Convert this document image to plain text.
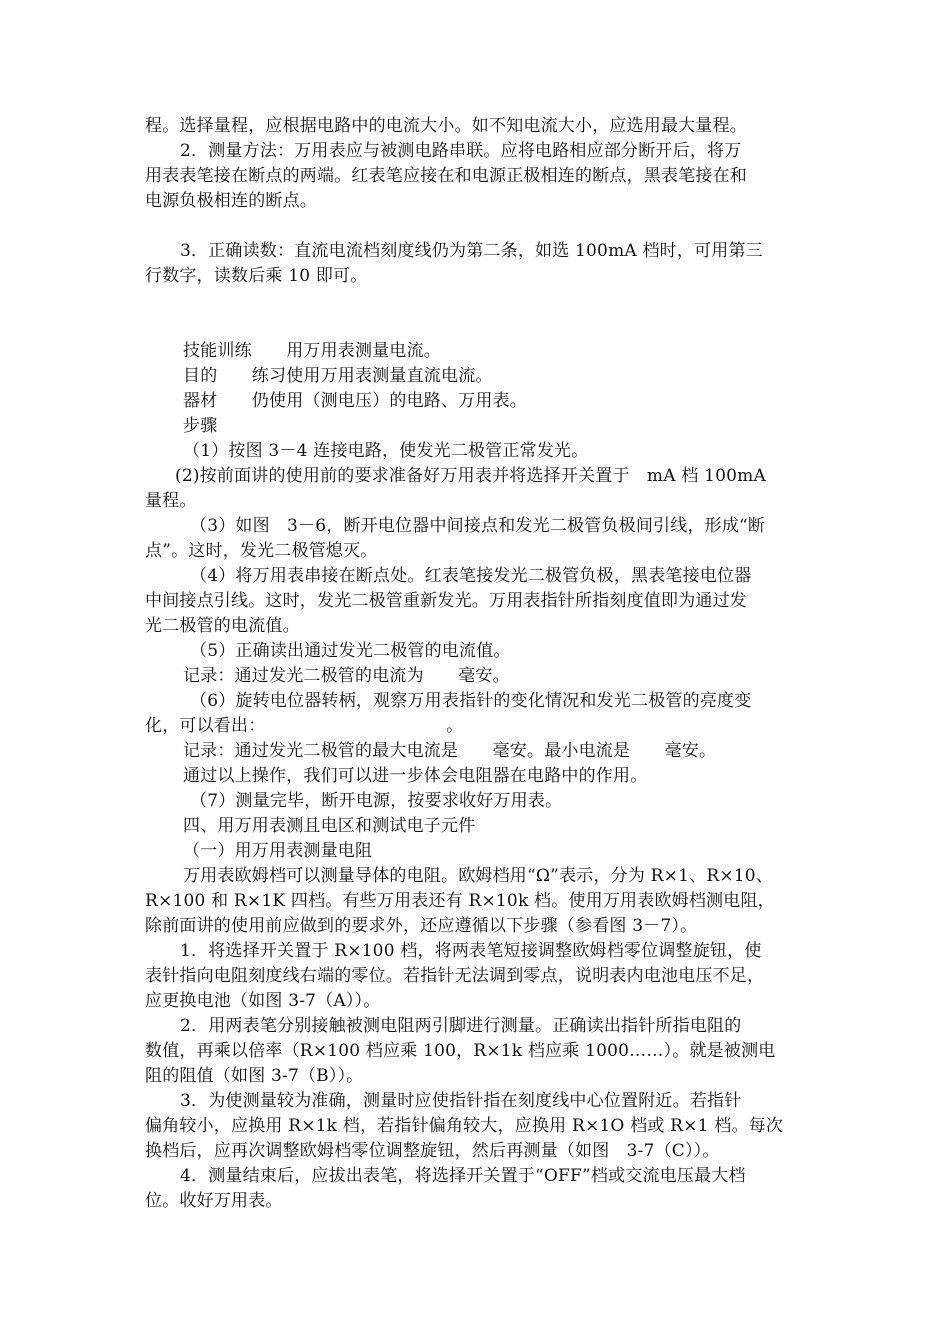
程。选择量程，应根据电路中的电流大小。如不知电流大小，应选用最大量程。
2．测量方法：万用表应与被测电路串联。应将电路相应部分断开后，将万
用表表笔接在断点的两端。红表笔应接在和电源正极相连的断点，黑表笔接在和
电源负极相连的断点。
3．正确读数：直流电流档刻度线仍为第二条，如选 100mA 档时，可用第三
行数字，读数后乘 10 即可。
技能训练　　用万用表测量电流。
目的　　练习使用万用表测量直流电流。
器材　　仍使用（测电压）的电路、万用表。
步骤
（1）按图 3－4 连接电路，使发光二极管正常发光。
(2)按前面讲的使用前的要求准备好万用表并将选择开关置于　mA 档 100mA
量程。
（3）如图　3－6，断开电位器中间接点和发光二极管负极间引线，形成“断
点”。这时，发光二极管熄灭。
（4）将万用表串接在断点处。红表笔接发光二极管负极，黑表笔接电位器
中间接点引线。这时，发光二极管重新发光。万用表指针所指刻度值即为通过发
光二极管的电流值。
（5）正确读出通过发光二极管的电流值。
记录：通过发光二极管的电流为　　毫安。
（6）旋转电位器转柄，观察万用表指针的变化情况和发光二极管的亮度变
化，可以看出：　　　　　　　　　　　。
记录：通过发光二极管的最大电流是　　毫安。最小电流是　　毫安。
通过以上操作，我们可以进一步体会电阻器在电路中的作用。
（7）测量完毕，断开电源，按要求收好万用表。
四、用万用表测且电区和测试电子元件
（一）用万用表测量电阻
万用表欧姆档可以测量导体的电阻。欧姆档用“Ω”表示，分为 R×1、R×10、
R×100 和 R×1K 四档。有些万用表还有 R×10k 档。使用万用表欧姆档测电阻，
除前面讲的使用前应做到的要求外，还应遵循以下步骤（参看图 3－7）。
1．将选择开关置于 R×100 档，将两表笔短接调整欧姆档零位调整旋钮，使
表针指向电阻刻度线右端的零位。若指针无法调到零点，说明表内电池电压不足，
应更换电池（如图 3-7（A））。
2．用两表笔分别接触被测电阻两引脚进行测量。正确读出指针所指电阻的
数值，再乘以倍率（R×100 档应乘 100，R×1k 档应乘 1000……）。就是被测电
阻的阻值（如图 3-7（B））。
3．为使测量较为准确，测量时应使指针指在刻度线中心位置附近。若指针
偏角较小，应换用 R×1k 档，若指针偏角较大，应换用 R×1O 档或 R×1 档。每次
换档后，应再次调整欧姆档零位调整旋钮，然后再测量（如图　3-7（C））。
4．测量结束后，应拔出表笔，将选择开关置于“OFF”档或交流电压最大档
位。收好万用表。
